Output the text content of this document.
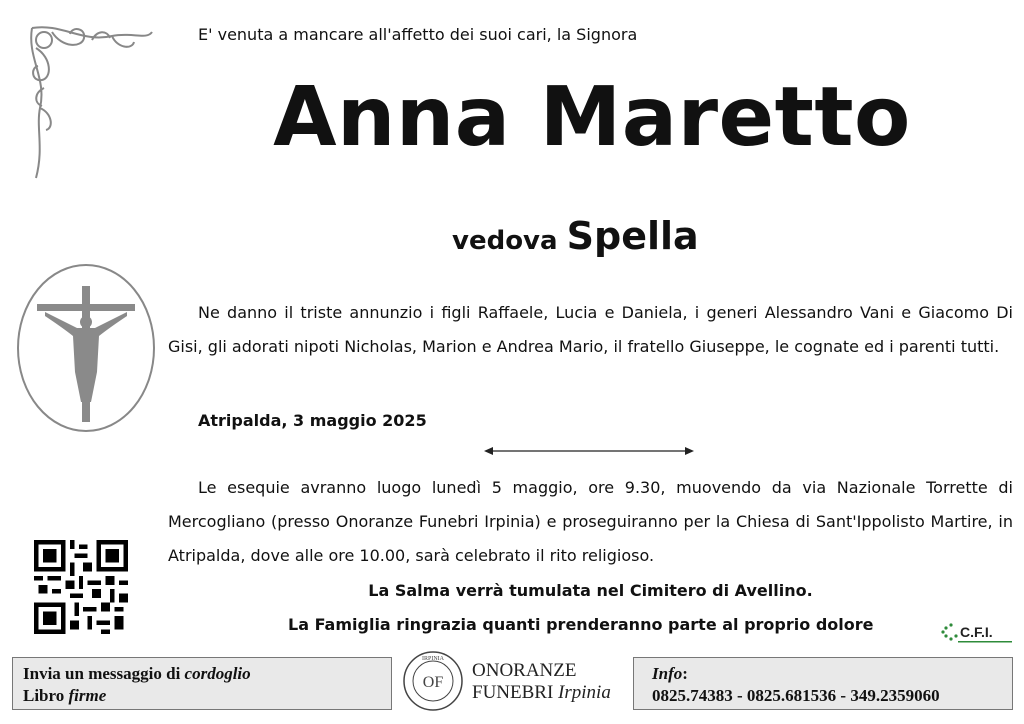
E' venuta a mancare all'affetto dei suoi cari, la Signora
Anna Maretto
vedova Spella

Ne danno il triste annunzio i figli Raffaele, Lucia e Daniela, i generi Alessandro Vani e Giacomo Di Gisi, gli adorati nipoti Nicholas, Marion e Andrea Mario, il fratello Giuseppe, le cognate ed i parenti tutti.

Atripalda, 3 maggio 2025

Le esequie avranno luogo lunedì 5 maggio, ore 9.30, muovendo da via Nazionale Torrette di Mercogliano (presso Onoranze Funebri Irpinia) e proseguiranno per la Chiesa di Sant'Ippolisto Martire, in Atripalda, dove alle ore 10.00, sarà celebrato il rito religioso.

La Salma verrà tumulata nel Cimitero di Avellino.
La Famiglia ringrazia quanti prenderanno parte al proprio dolore	C.F.I.
Invia un messaggio di cordoglio
Libro firme
IRPINIA
OF
ONORANZE
FUNEBRI Irpinia
Info:
0825.74383 - 0825.681536 - 349.2359060
